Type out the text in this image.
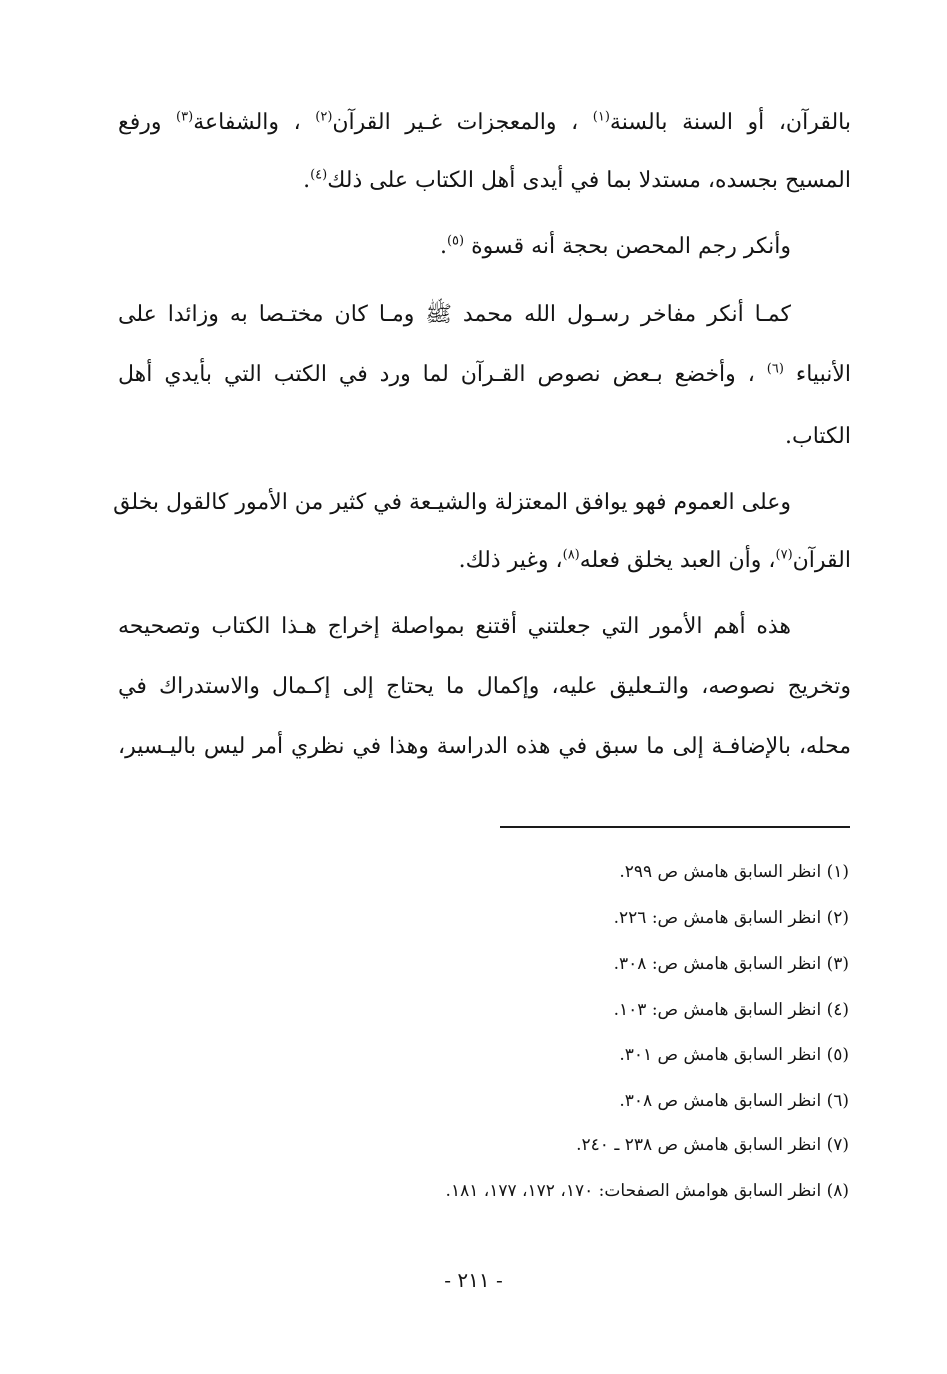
بالقرآن، أو السنة بالسنة$^{(١)}$ ، والمعجزات غـير القرآن$^{(٢)}$ ، والشفاعة$^{(٣)}$ ورفع
المسيح بجسده، مستدلا بما في أيدى أهل الكتاب على ذلك$^{(٤)}$.
وأنكر رجم المحصن بحجة أنه قسوة $^{(٥)}$.
كمـا أنكر مفاخر رسـول الله محمد ﷺ ومـا كان مختـصا به وزائدا على
الأنبياء $^{(٦)}$ ، وأخضع بـعض نصوص القـرآن لما ورد في الكتب التي بأيدي أهل
الكتاب.
وعلى العموم فهو يوافق المعتزلة والشيـعة في كثير من الأمور كالقول بخلق
القرآن$^{(٧)}$، وأن العبد يخلق فعله$^{(٨)}$، وغير ذلك.
هذه أهم الأمور التي جعلتني أقتنع بمواصلة إخراج هـذا الكتاب وتصحيحه
وتخريج نصوصه، والتـعليق عليه، وإكمال ما يحتاج إلى إكـمال والاستدراك في
محله، بالإضافـة إلى ما سبق في هذه الدراسة وهذا في نظري أمر ليس باليـسير،
(١) انظر السابق هامش ص ٢٩٩.
(٢) انظر السابق هامش ص: ٢٢٦.
(٣) انظر السابق هامش ص: ٣٠٨.
(٤) انظر السابق هامش ص: ١٠٣.
(٥) انظر السابق هامش ص ٣٠١.
(٦) انظر السابق هامش ص ٣٠٨.
(٧) انظر السابق هامش ص ٢٣٨ ـ ٢٤٠.
(٨) انظر السابق هوامش الصفحات: ١٧٠، ١٧٢، ١٧٧، ١٨١.
- ٢١١ -
